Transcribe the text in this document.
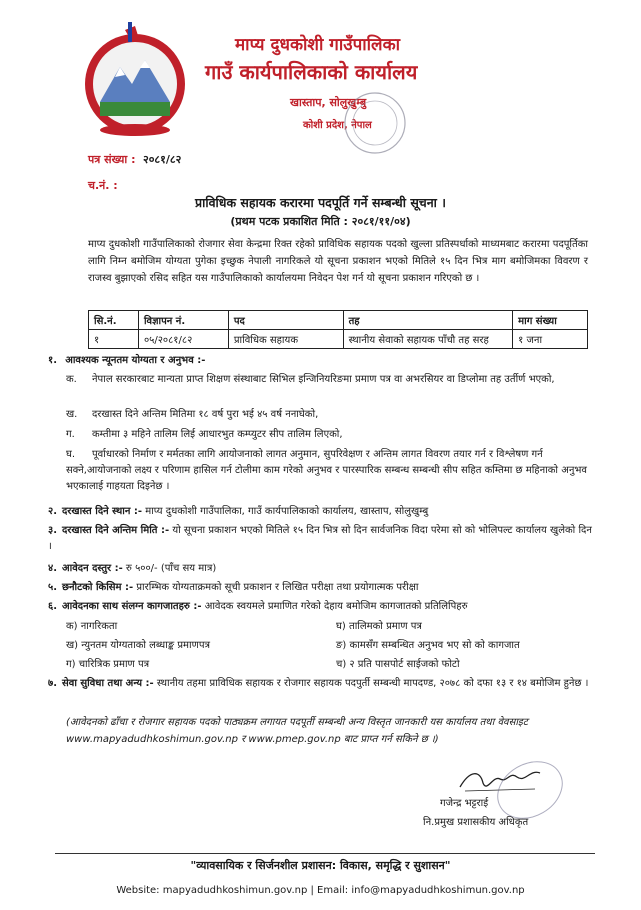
माप्य दुधकोशी गाउँपालिका
गाउँ कार्यपालिकाको कार्यालय
खास्ताप, सोलुखुम्बु
कोशी प्रदेश, नेपाल
पत्र संख्या : २०८१/८२
च.नं. :
प्राविधिक सहायक करारमा पदपूर्ति गर्ने सम्बन्धी सूचना ।
(प्रथम पटक प्रकाशित मिति : २०८१/११/०४)
माप्य दुधकोशी गाउँपालिकाको रोजगार सेवा केन्द्रमा रिक्त रहेको प्राविधिक सहायक पदको खुल्ला प्रतिस्पर्धाको माध्यमबाट करारमा पदपूर्तिका लागि निम्न बमोजिम योग्यता पुगेका इच्छुक नेपाली नागरिकले यो सूचना प्रकाशन भएको मितिले १५ दिन भित्र माग बमोजिमका विवरण र राजस्व बुझाएको रसिद सहित यस गाउँपालिकाको कार्यालयमा निवेदन पेश गर्न यो सूचना प्रकाशन गरिएको छ ।
सि.नं.	विज्ञापन नं.	पद	तह	माग संख्या
१	०५/२०८१/८२	प्राविधिक सहायक	स्थानीय सेवाको सहायक पाँचौ तह सरह	१ जना
१. आवश्यक न्यूनतम योग्यता र अनुभव :-
क. नेपाल सरकारबाट मान्यता प्राप्त शिक्षण संस्थाबाट सिभिल इन्जिनियरिङमा प्रमाण पत्र वा अभरसियर वा डिप्लोमा तह उर्तीर्ण भएको,
ख. दरखास्त दिने अन्तिम मितिमा १८ वर्ष पुरा भई ४५ वर्ष ननाघेको,
ग. कम्तीमा ३ महिने तालिम लिई आधारभुत कम्प्युटर सीप तालिम लिएको,
घ. पूर्वाधारको निर्माण र मर्मतका लागि आयोजनाको लागत अनुमान, सुपरिवेक्षण र अन्तिम लागत विवरण तयार गर्न र विश्लेषण गर्न सक्ने,आयोजनाको लक्ष्य र परिणाम हासिल गर्न टोलीमा काम गरेको अनुभव र पारस्पारिक सम्बन्ध सम्बन्धी सीप सहित कम्तिमा छ महिनाको अनुभव भएकालाई गाहयता दिइनेछ ।
२. दरखास्त दिने स्थान :- माप्य दुधकोशी गाउँपालिका, गाउँ कार्यपालिकाको कार्यालय, खास्ताप, सोलुखुम्बु
३. दरखास्त दिने अन्तिम मिति :- यो सूचना प्रकाशन भएको मितिले १५ दिन भित्र सो दिन सार्वजनिक विदा परेमा सो को भोलिपल्ट कार्यालय खुलेको दिन ।
४. आवेदन दस्तुर :- रु ५००/- (पाँच सय मात्र)
५. छनौटको किसिम :- प्रारम्भिक योग्यताक्रमको सूची प्रकाशन र लिखित परीक्षा तथा प्रयोगात्मक परीक्षा
६. आवेदनका साथ संलग्न कागजातहरु :- आवेदक स्वयमले प्रमाणित गरेको देहाय बमोजिम कागजातको प्रतिलिपिहरु
क) नागरिकता
ख) न्युनतम योग्यताको लब्धाङ्क प्रमाणपत्र
ग) चारित्रिक प्रमाण पत्र
घ) तालिमको प्रमाण पत्र
ङ) कामसँग सम्बन्धित अनुभव भए सो को कागजात
च) २ प्रति पासपोर्ट साईजको फोटो
७. सेवा सुविधा तथा अन्य :- स्थानीय तहमा प्राविधिक सहायक र रोजगार सहायक पदपुर्ती सम्बन्धी मापदण्ड, २०७८ को दफा १३ र १४ बमोजिम हुनेछ ।
(आवेदनको ढाँचा र रोजगार सहायक पदको पाठ्यक्रम लगायत पदपूर्ती सम्बन्धी अन्य विस्तृत जानकारी यस कार्यालय तथा वेवसाइट www.mapyadudhkoshimun.gov.np र www.pmep.gov.np बाट प्राप्त गर्न सकिने छ ।)
गजेन्द्र भट्टराई
नि.प्रमुख प्रशासकीय अधिकृत
"व्यावसायिक र सिर्जनशील प्रशासन: विकास, समृद्धि र सुशासन"
Website: mapyadudhkoshimun.gov.np | Email: info@mapyadudhkoshimun.gov.np
